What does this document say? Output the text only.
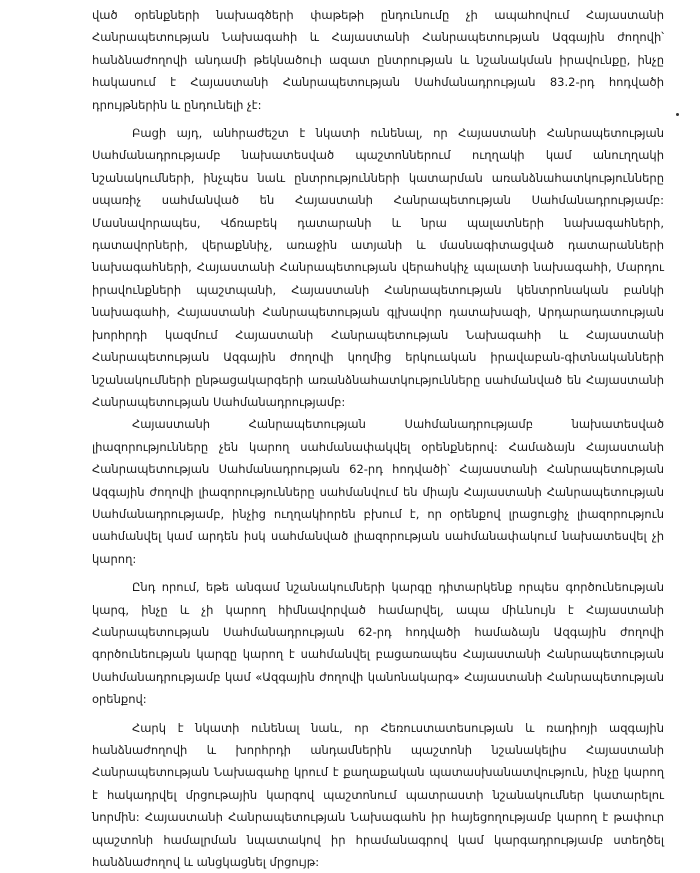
ված օրենքների նախագծերի փաթեթի ընդունումը չի ապահովում Հայաստանի Հանրապետության Նախագահի և Հայաստանի Հանրապետության Ազգային ժողովի՝ հանձնաժողովի անդամի թեկնածուի ազատ ընտրության և նշանակման իրավունքը, ինչը հակասում է Հայաստանի Հանրապետության Սահմանադրության 83.2-րդ հոդվածի դրույթներին և ընդունելի չէ:

Բացի այդ, անհրաժեշտ է նկատի ունենալ, որ Հայաստանի Հանրապետության Սահմանադրությամբ նախատեսված պաշտոններում ուղղակի կամ անուղղակի նշանակումների, ինչպես նաև ընտրությունների կատարման առանձնահատկությունները սպառիչ սահմանված են Հայաստանի Հանրապետության Սահմանադրությամբ: Մասնավորապես, Վճռաբեկ դատարանի և նրա պալատների նախագահների, դատավորների, վերաքննիչ, առաջին ատյանի և մասնագիտացված դատարանների նախագահների, Հայաստանի Հանրապետության վերահսկիչ պալատի նախագահի, Մարդու իրավունքների պաշտպանի, Հայաստանի Հանրապետության կենտրոնական բանկի նախագահի, Հայաստանի Հանրապետության գլխավոր դատախազի, Արդարադատության խորհրդի կազմում Հայաստանի Հանրապետության Նախագահի և Հայաստանի Հանրապետության Ազգային ժողովի կողմից երկուական իրավաբան-գիտնականների նշանակումների ընթացակարգերի առանձնահատկությունները սահմանված են Հայաստանի Հանրապետության Սահմանադրությամբ:

Հայաստանի Հանրապետության Սահմանադրությամբ նախատեսված լիազորությունները չեն կարող սահմանափակվել օրենքներով: Համաձայն Հայաստանի Հանրապետության Սահմանադրության 62-րդ հոդվածի՝ Հայաստանի Հանրապետության Ազգային ժողովի լիազորությունները սահմանվում են միայն Հայաստանի Հանրապետության Սահմանադրությամբ, ինչից ուղղակիորեն բխում է, որ օրենքով լրացուցիչ լիազորություն սահմանվել կամ արդեն իսկ սահմանված լիազորության սահմանափակում նախատեսվել չի կարող:

Ընդ որում, եթե անգամ նշանակումների կարգը դիտարկենք որպես գործունեության կարգ, ինչը և չի կարող հիմնավորված համարվել, ապա միևնույն է Հայաստանի Հանրապետության Սահմանադրության 62-րդ հոդվածի համաձայն Ազգային ժողովի գործունեության կարգը կարող է սահմանվել բացառապես Հայաստանի Հանրապետության Սահմանադրությամբ կամ «Ազգային ժողովի կանոնակարգ» Հայաստանի Հանրապետության օրենքով:

Հարկ է նկատի ունենալ նաև, որ Հեռուստատեսության և ռադիոյի ազգային հանձնաժողովի և խորհրդի անդամներին պաշտոնի նշանակելիս Հայաստանի Հանրապետության Նախագահը կրում է քաղաքական պատասխանատվություն, ինչը կարող է հակադրվել մրցութային կարգով պաշտոնում պատրաստի նշանակումներ կատարելու նորմին: Հայաստանի Հանրապետության Նախագահն իր հայեցողությամբ կարող է թափուր պաշտոնի համալրման նպատակով իր հրամանագրով կամ կարգադրությամբ ստեղծել հանձնաժողով և անցկացնել մրցույթ:
